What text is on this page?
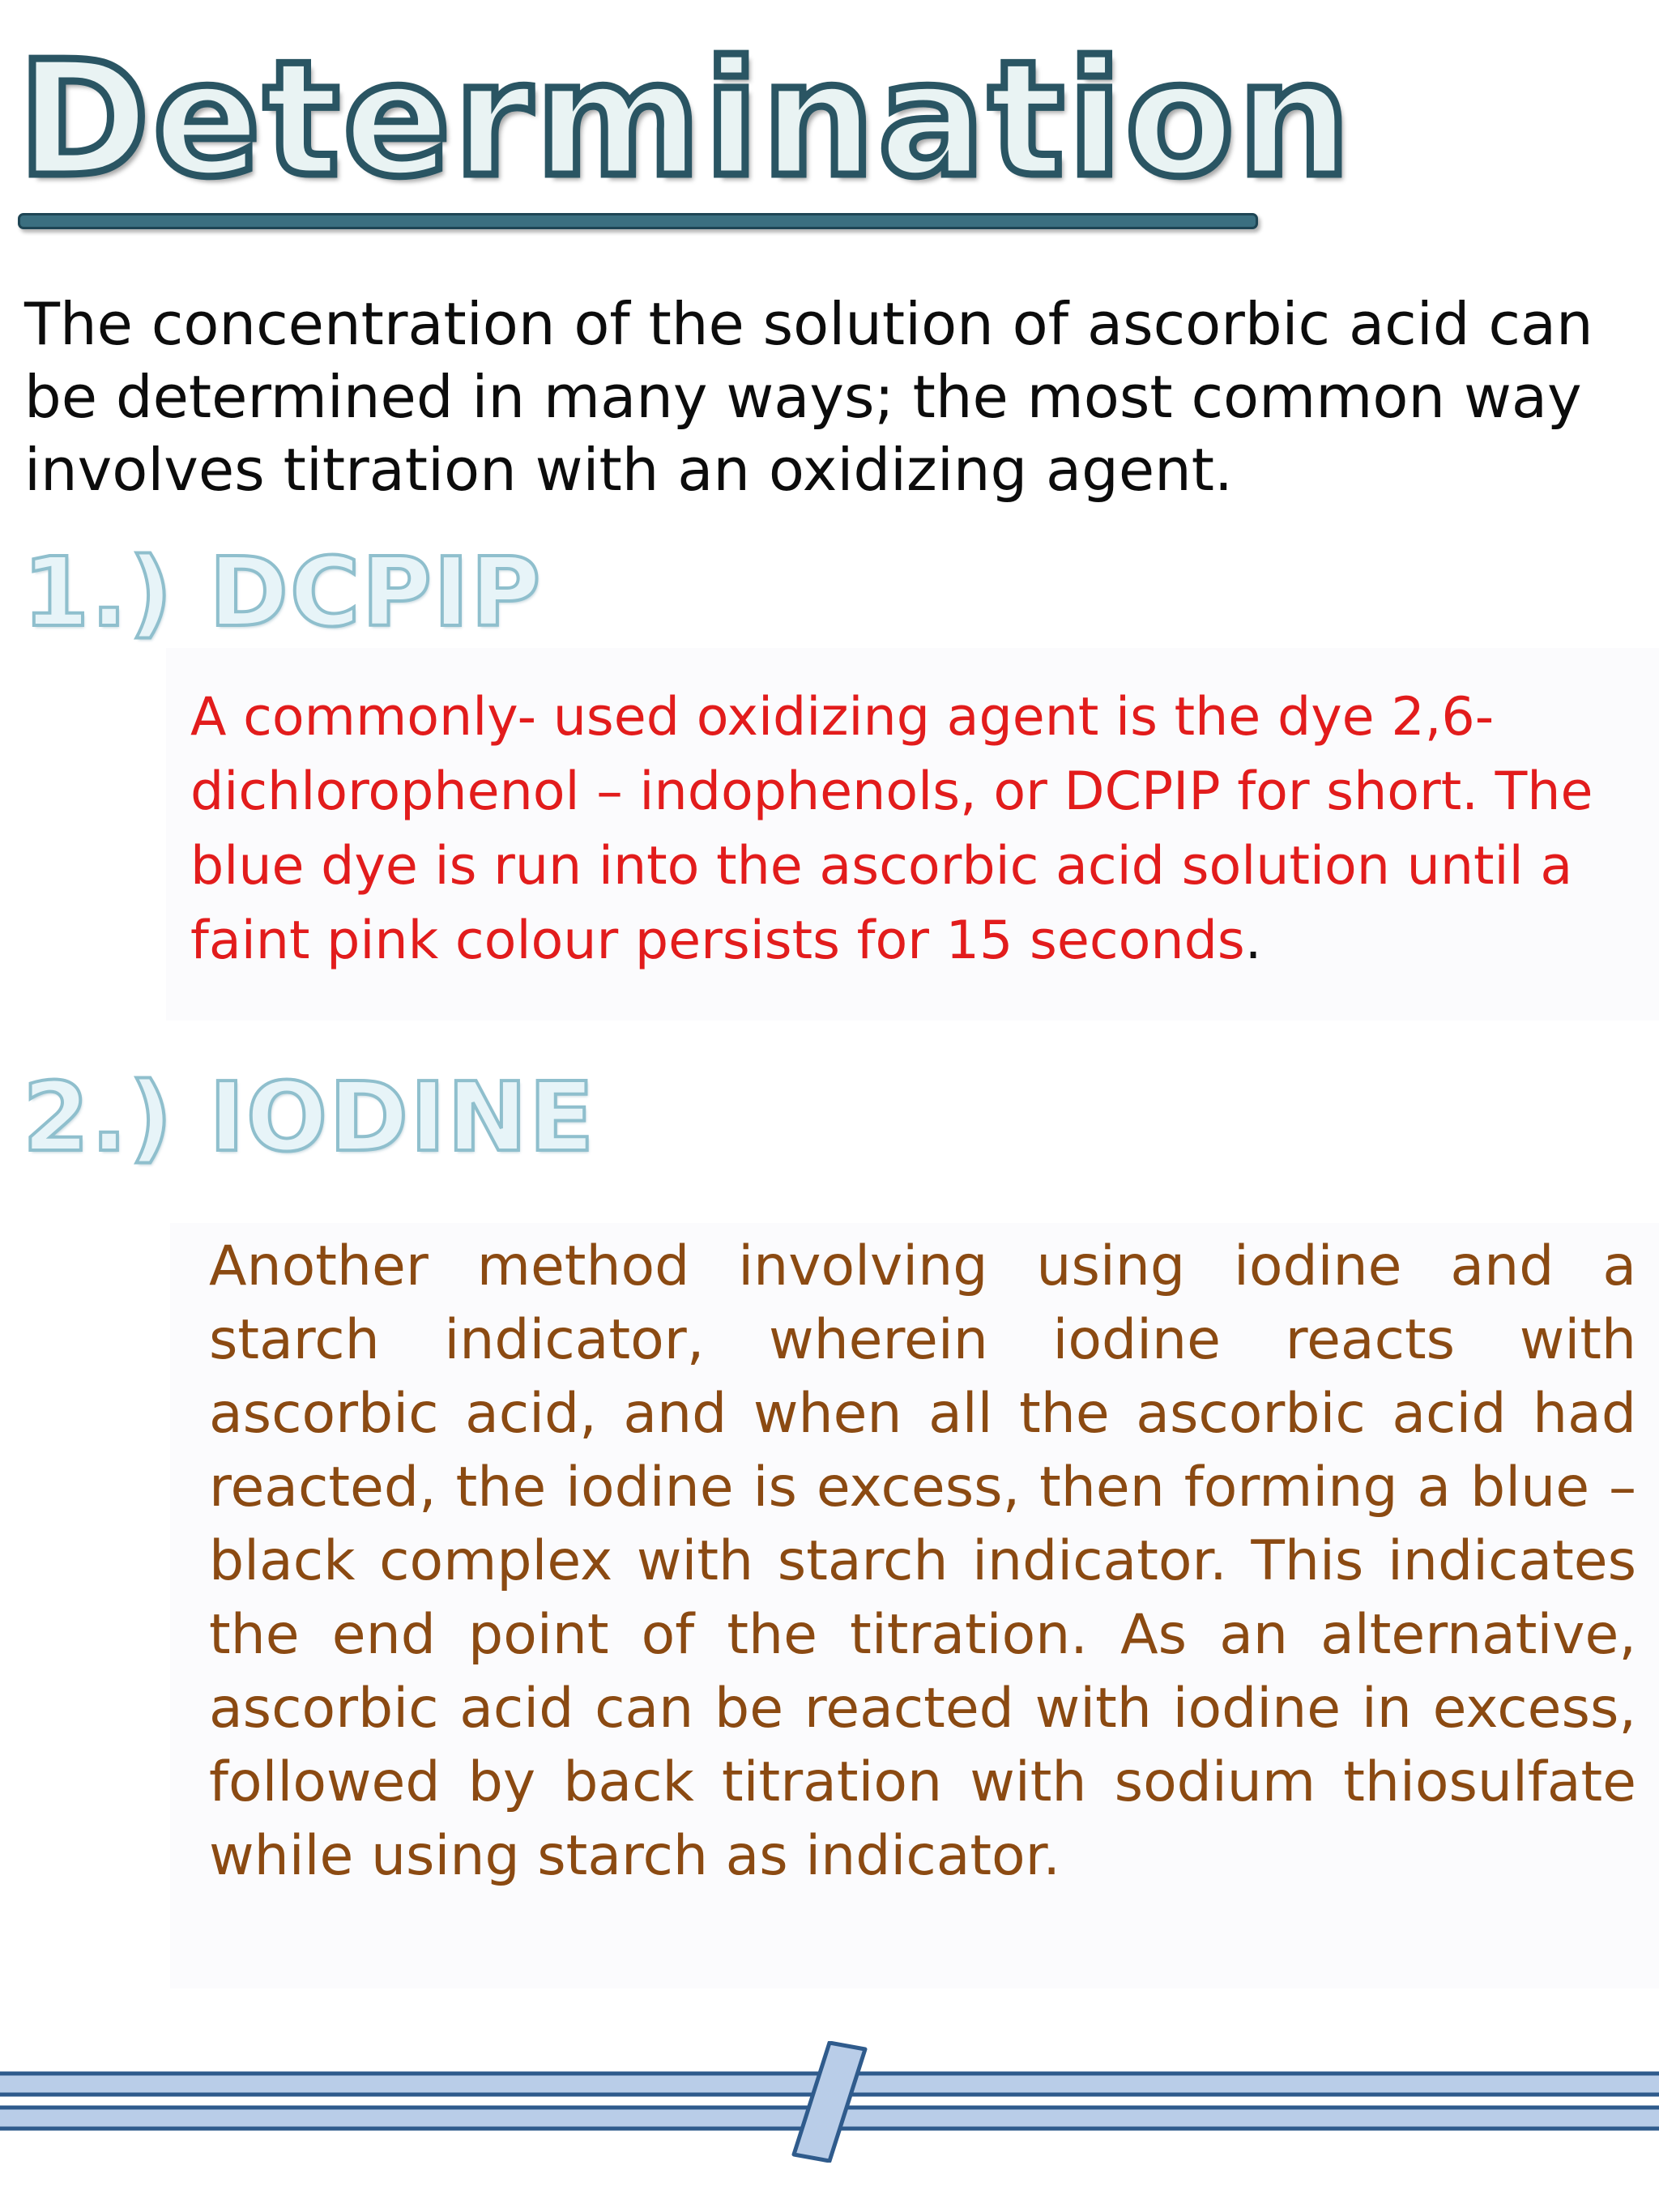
Determination

The concentration of the solution of ascorbic acid can be determined in many ways; the most common way involves titration with an oxidizing agent.

1.) DCPIP

A commonly- used oxidizing agent is the dye 2,6-dichlorophenol – indophenols, or DCPIP for short. The blue dye is run into the ascorbic acid solution until a faint pink colour persists for 15 seconds.

2.) IODINE

Another method involving using iodine and a starch indicator, wherein iodine reacts with ascorbic acid, and when all the ascorbic acid had reacted, the iodine is excess, then forming a blue – black complex with starch indicator. This indicates the end point of the titration. As an alternative, ascorbic acid can be reacted with iodine in excess, followed by back titration with sodium thiosulfate while using starch as indicator.
